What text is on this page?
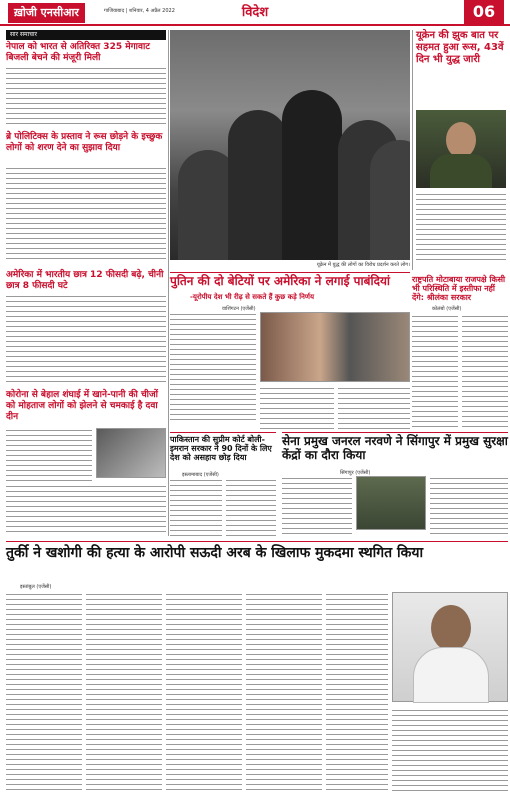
ख़ोजी एनसीआर	गाजियाबाद | शनिवार, 4 अप्रैल 2022	विदेश	06
सार समाचार
नेपाल को भारत से अतिरिक्त 325 मेगावाट बिजली बेचने की मंजूरी मिली
ब्रेे पोलिटिक्स के प्रस्ताव ने रूस छोड़ने के इच्छुक लोगों को शरण देने का सुझाव दिया
अमेरिका में भारतीय छात्र 12 फीसदी बढ़े, चीनी छात्र 8 फीसदी घटे
कोरोना से बेहाल शंघाई में खाने-पानी की चीजों को मोहताज लोगों को झेलने से चमकाई है दवा दीन
यूक्रेन में युद्ध की लोगों का विरोध प्रदर्शन करते लोग।
यूक्रेन की झुक बात पर सहमत हुआ रूस, 43वें दिन भी युद्ध जारी
पुतिन की दो बेटियों पर अमेरिका ने लगाई पाबंदियां
-यूरोपीय देश भी रीढ़ से सकते हैं कुछ कड़े निर्णय
वाशिंगटन (एजेंसी)
राष्ट्रपति मोटाबाया राजपक्षे किसी भी परिस्थिति में इस्तीफा नहीं देंगे: श्रीलंका सरकार
कोलंबो (एजेंसी)
पाकिस्तान की सुप्रीम कोर्ट बोली- इमरान सरकार ने 90 दिनों के लिए देश को असहाय छोड़ दिया
इस्लामाबाद (एजेंसी)
सेना प्रमुख जनरल नरवणे ने सिंगापुर में प्रमुख सुरक्षा केंद्रों का दौरा किया
सिंगापुर (एजेंसी)
तुर्की ने खशोगी की हत्या के आरोपी सऊदी अरब के खिलाफ मुकदमा स्थगित किया
इस्तांबुल (एजेंसी)
